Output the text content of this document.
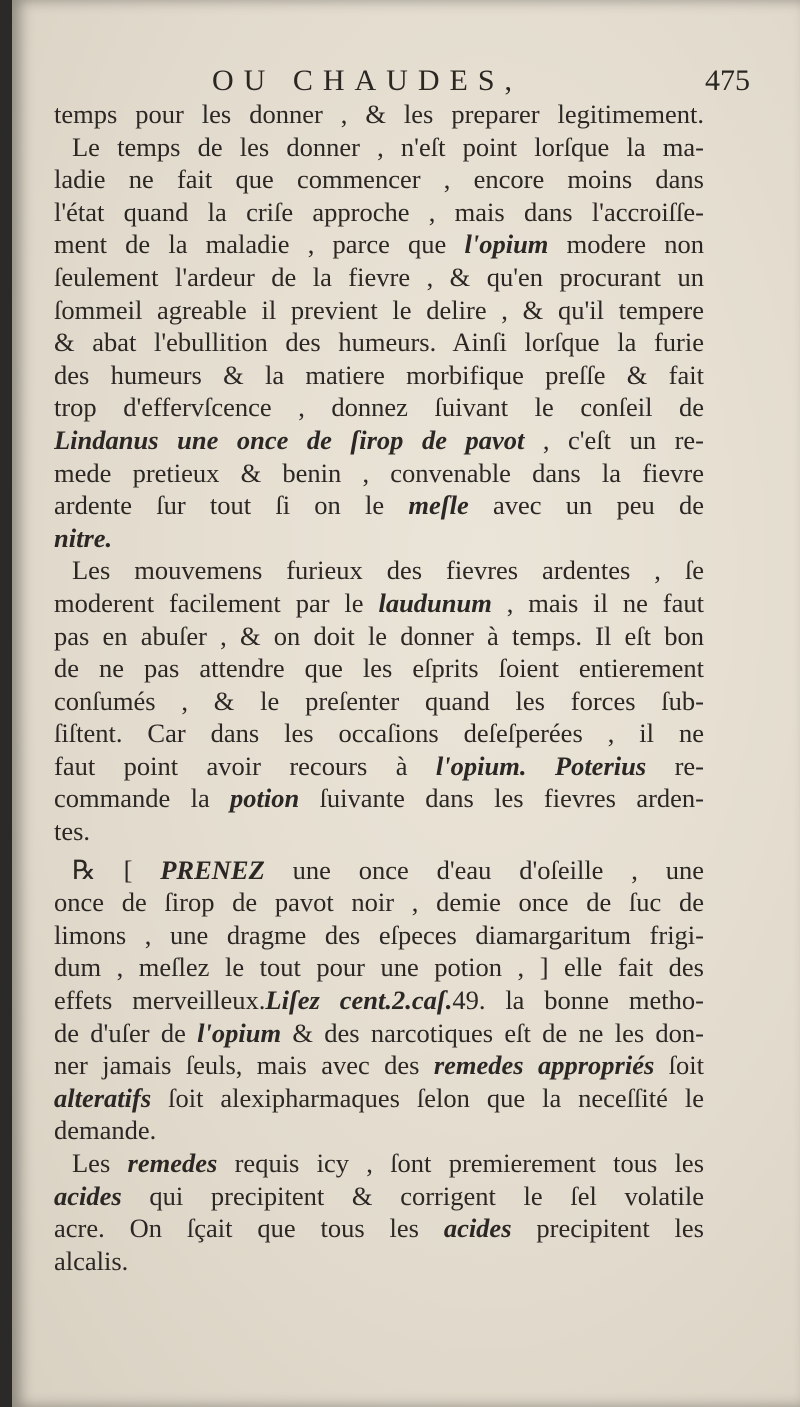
OU CHAUDES,	475
temps pour les donner , & les preparer legitimement.
Le temps de les donner , n'eſt point lorſque la ma-
ladie ne fait que commencer , encore moins dans
l'état quand la criſe approche , mais dans l'accroiſſe-
ment de la maladie , parce que l'opium modere non
ſeulement l'ardeur de la fievre , & qu'en procurant un
ſommeil agreable il previent le delire , & qu'il tempere
& abat l'ebullition des humeurs. Ainſi lorſque la furie
des humeurs & la matiere morbifique preſſe & fait
trop d'effervſcence , donnez ſuivant le conſeil de
Lindanus une once de ſirop de pavot , c'eſt un re-
mede pretieux & benin , convenable dans la fievre
ardente ſur tout ſi on le meſle avec un peu de
nitre.
Les mouvemens furieux des fievres ardentes , ſe
moderent facilement par le laudunum , mais il ne faut
pas en abuſer , & on doit le donner à temps. Il eſt bon
de ne pas attendre que les eſprits ſoient entierement
conſumés , & le preſenter quand les forces ſub-
ſiſtent. Car dans les occaſions deſeſperées , il ne
faut point avoir recours à l'opium. Poterius re-
commande la potion ſuivante dans les fievres arden-
tes.
℞ [ PRENEZ une once d'eau d'oſeille , une
once de ſirop de pavot noir , demie once de ſuc de
limons , une dragme des eſpeces diamargaritum frigi-
dum , meſlez le tout pour une potion , ] elle fait des
effets merveilleux.Liſez cent.2.caſ.49. la bonne metho-
de d'uſer de l'opium & des narcotiques eſt de ne les don-
ner jamais ſeuls, mais avec des remedes appropriés ſoit
alteratifs ſoit alexipharmaques ſelon que la neceſſité le
demande.
Les remedes requis icy , ſont premierement tous les
acides qui precipitent & corrigent le ſel volatile
acre. On ſçait que tous les acides precipitent les
alcalis.
